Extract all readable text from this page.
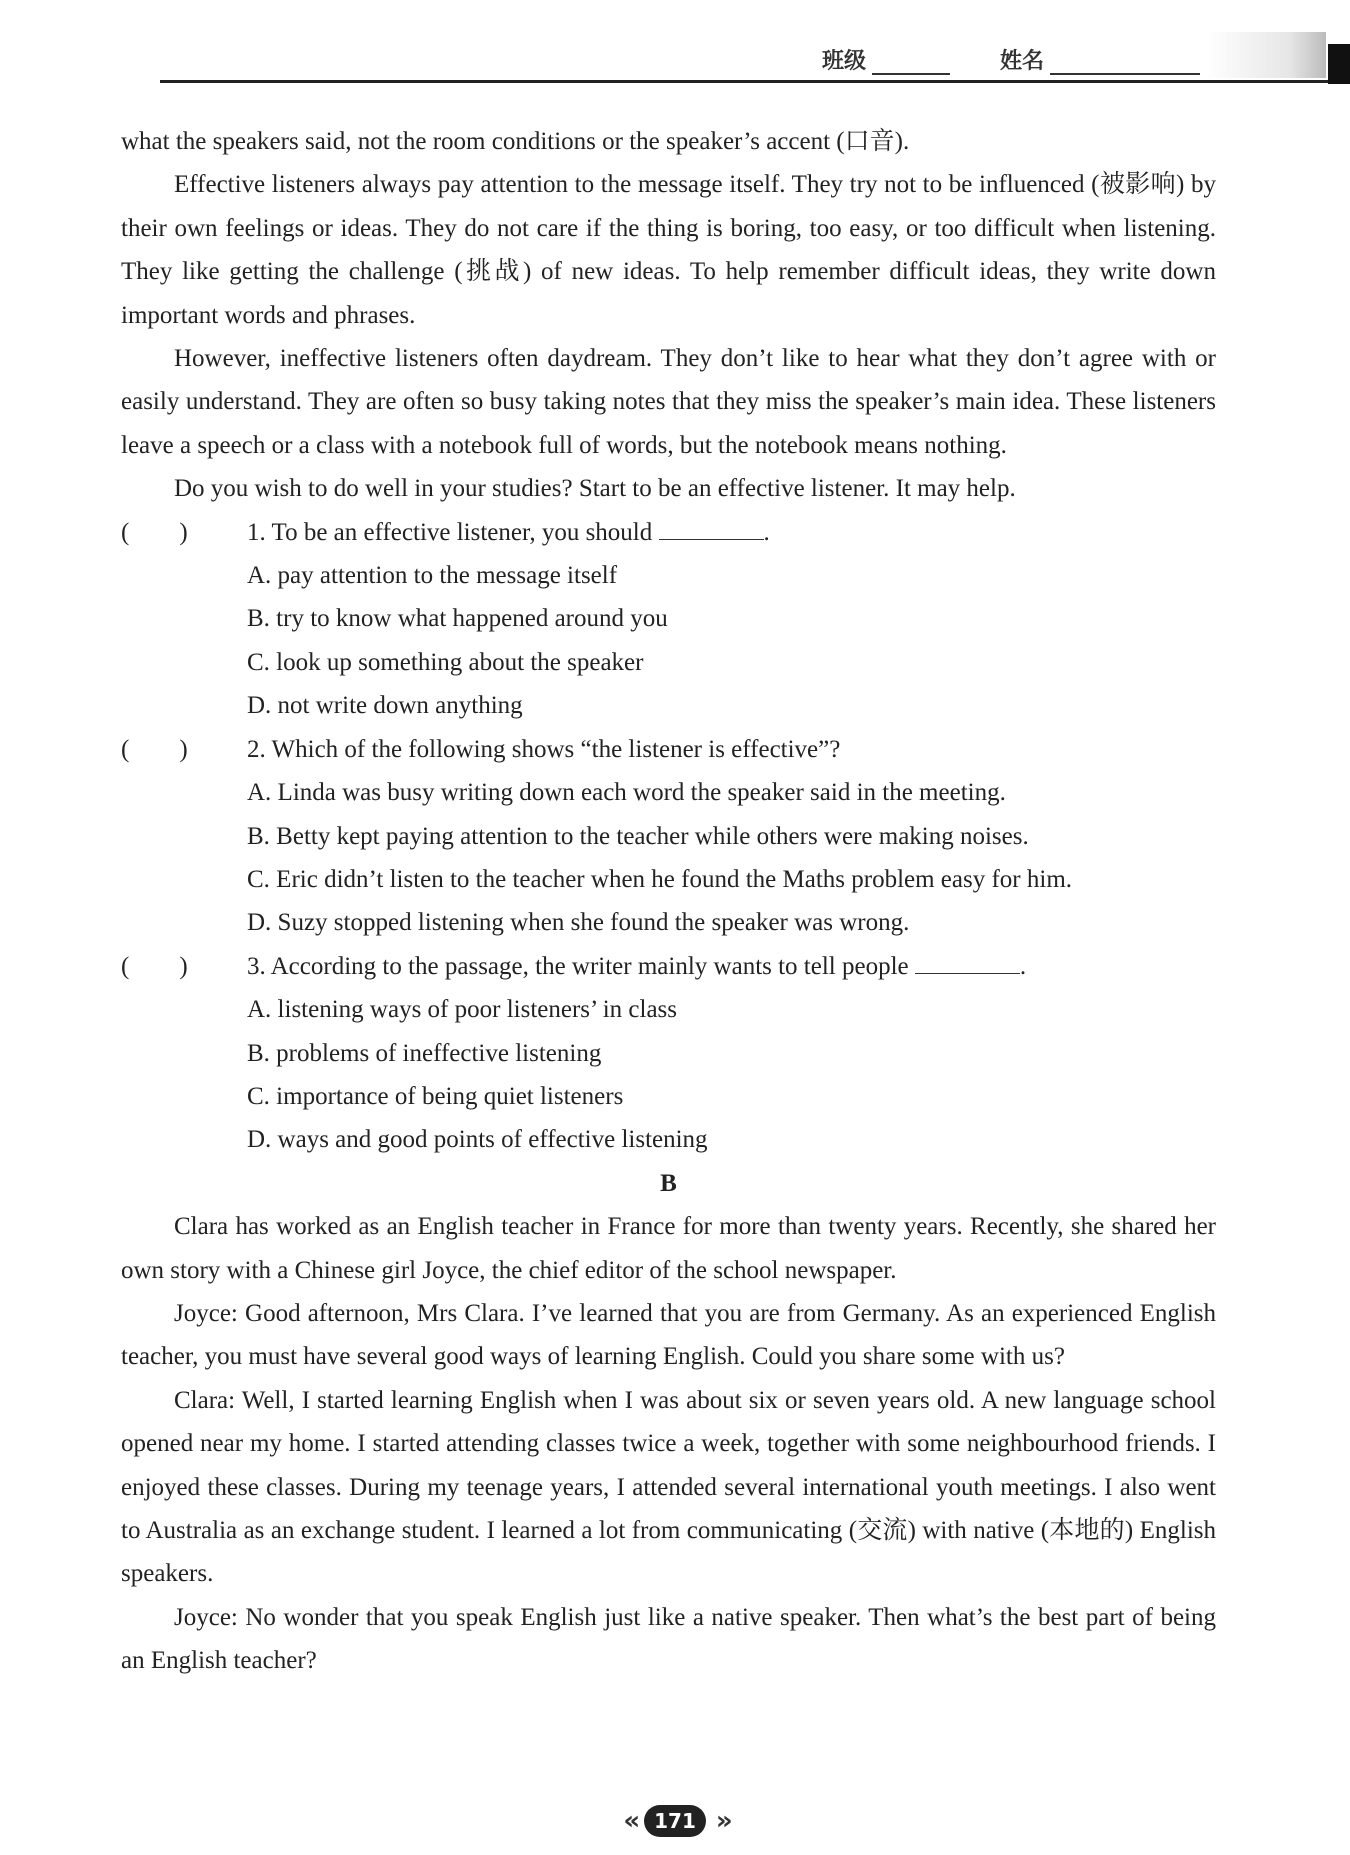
班级	姓名

what the speakers said, not the room conditions or the speaker’s accent (口音).

Effective listeners always pay attention to the message itself. They try not to be influenced (被影响) by their own feelings or ideas. They do not care if the thing is boring, too easy, or too difficult when listening. They like getting the challenge (挑战) of new ideas. To help remember difficult ideas, they write down important words and phrases.

However, ineffective listeners often daydream. They don’t like to hear what they don’t agree with or easily understand. They are often so busy taking notes that they miss the speaker’s main idea. These listeners leave a speech or a class with a notebook full of words, but the notebook means nothing.

Do you wish to do well in your studies? Start to be an effective listener. It may help.

(　　) 1. To be an effective listener, you should	.

A. pay attention to the message itself

B. try to know what happened around you

C. look up something about the speaker

D. not write down anything

(　　) 2. Which of the following shows “the listener is effective”?

A. Linda was busy writing down each word the speaker said in the meeting.

B. Betty kept paying attention to the teacher while others were making noises.

C. Eric didn’t listen to the teacher when he found the Maths problem easy for him.

D. Suzy stopped listening when she found the speaker was wrong.

(　　) 3. According to the passage, the writer mainly wants to tell people	.

A. listening ways of poor listeners’ in class

B. problems of ineffective listening

C. importance of being quiet listeners

D. ways and good points of effective listening

B

Clara has worked as an English teacher in France for more than twenty years. Recently, she shared her own story with a Chinese girl Joyce, the chief editor of the school newspaper.

Joyce: Good afternoon, Mrs Clara. I’ve learned that you are from Germany. As an experienced English teacher, you must have several good ways of learning English. Could you share some with us?

Clara: Well, I started learning English when I was about six or seven years old. A new language school opened near my home. I started attending classes twice a week, together with some neighbourhood friends. I enjoyed these classes. During my teenage years, I attended several international youth meetings. I also went to Australia as an exchange student. I learned a lot from communicating (交流) with native (本地的) English speakers.

Joyce: No wonder that you speak English just like a native speaker. Then what’s the best part of being an English teacher?

«	171 »
